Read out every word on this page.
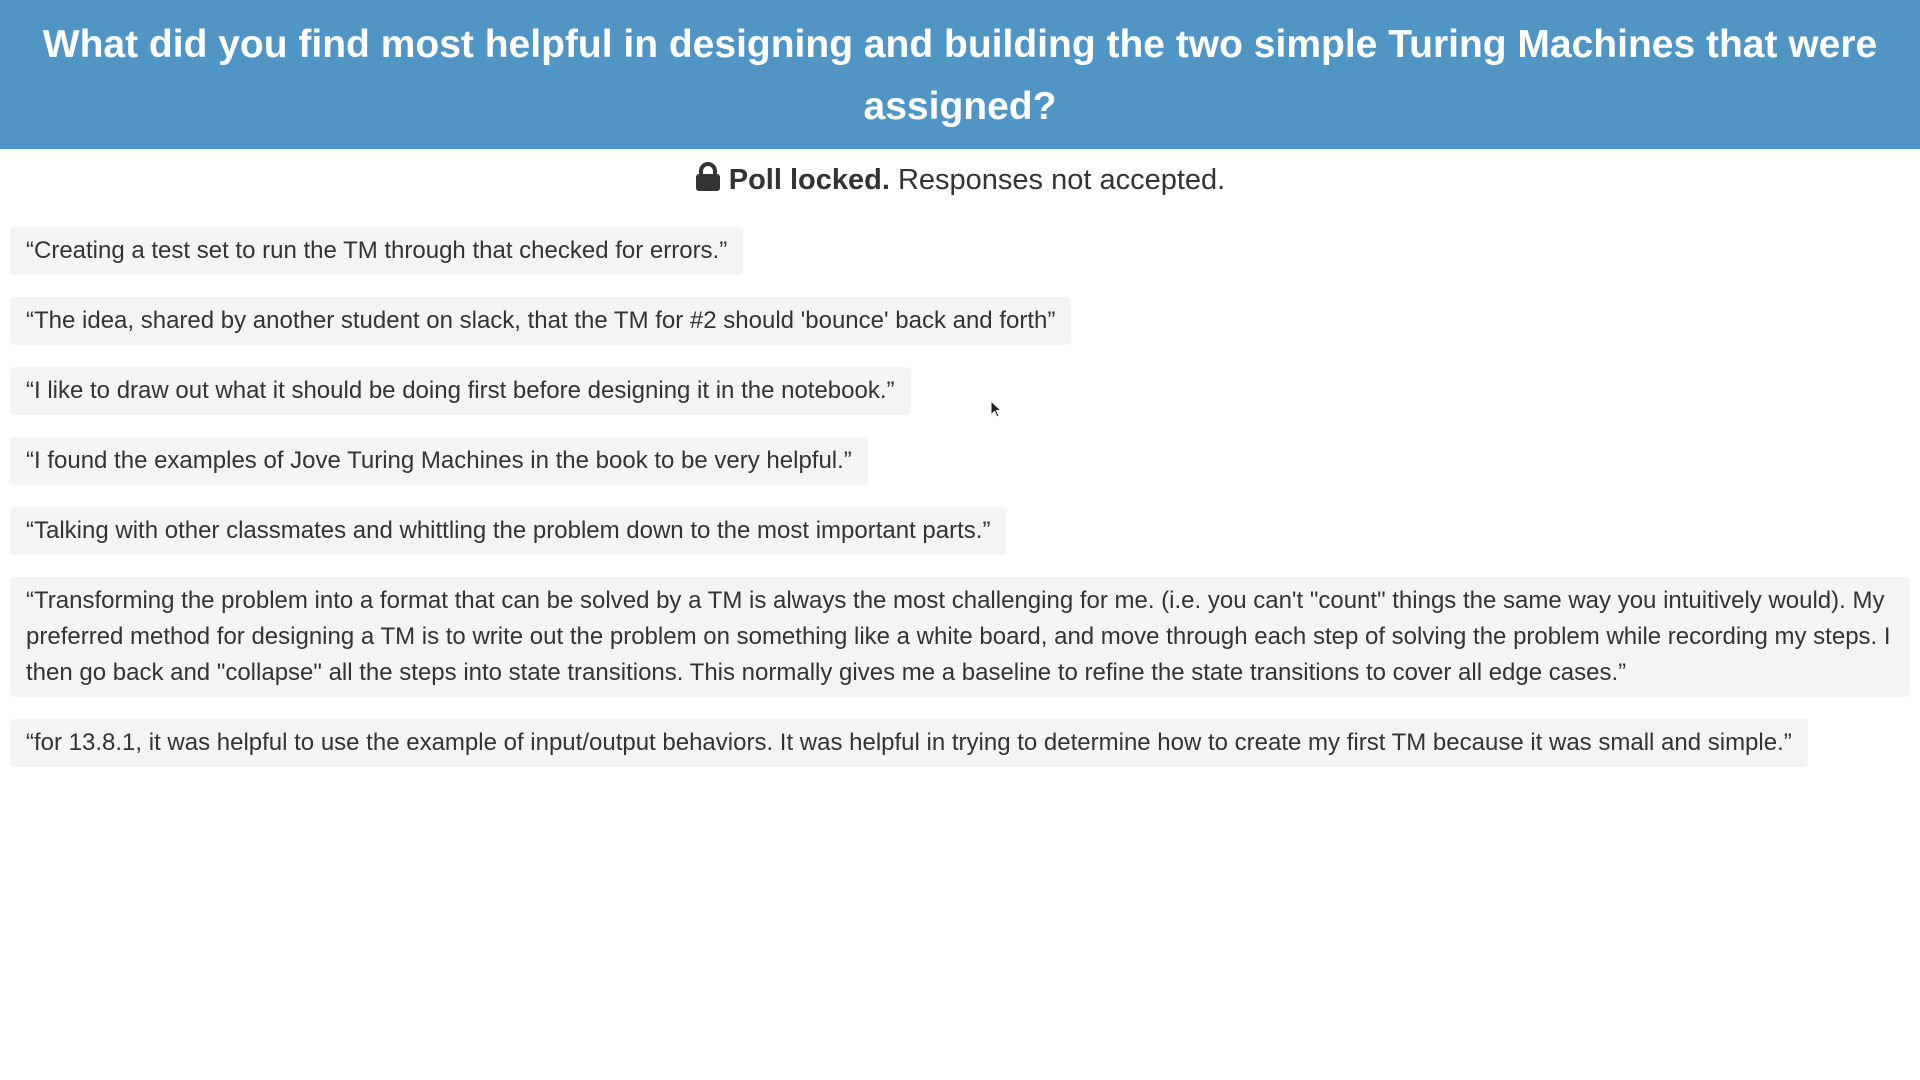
What did you find most helpful in designing and building the two simple Turing Machines that were assigned?
Poll locked. Responses not accepted.
“Creating a test set to run the TM through that checked for errors.”
“The idea, shared by another student on slack, that the TM for #2 should 'bounce' back and forth”
“I like to draw out what it should be doing first before designing it in the notebook.”
“I found the examples of Jove Turing Machines in the book to be very helpful.”
“Talking with other classmates and whittling the problem down to the most important parts.”
“Transforming the problem into a format that can be solved by a TM is always the most challenging for me. (i.e. you can't "count" things the same way you intuitively would). My preferred method for designing a TM is to write out the problem on something like a white board, and move through each step of solving the problem while recording my steps. I then go back and "collapse" all the steps into state transitions. This normally gives me a baseline to refine the state transitions to cover all edge cases.”
“for 13.8.1, it was helpful to use the example of input/output behaviors. It was helpful in trying to determine how to create my first TM because it was small and simple.”
